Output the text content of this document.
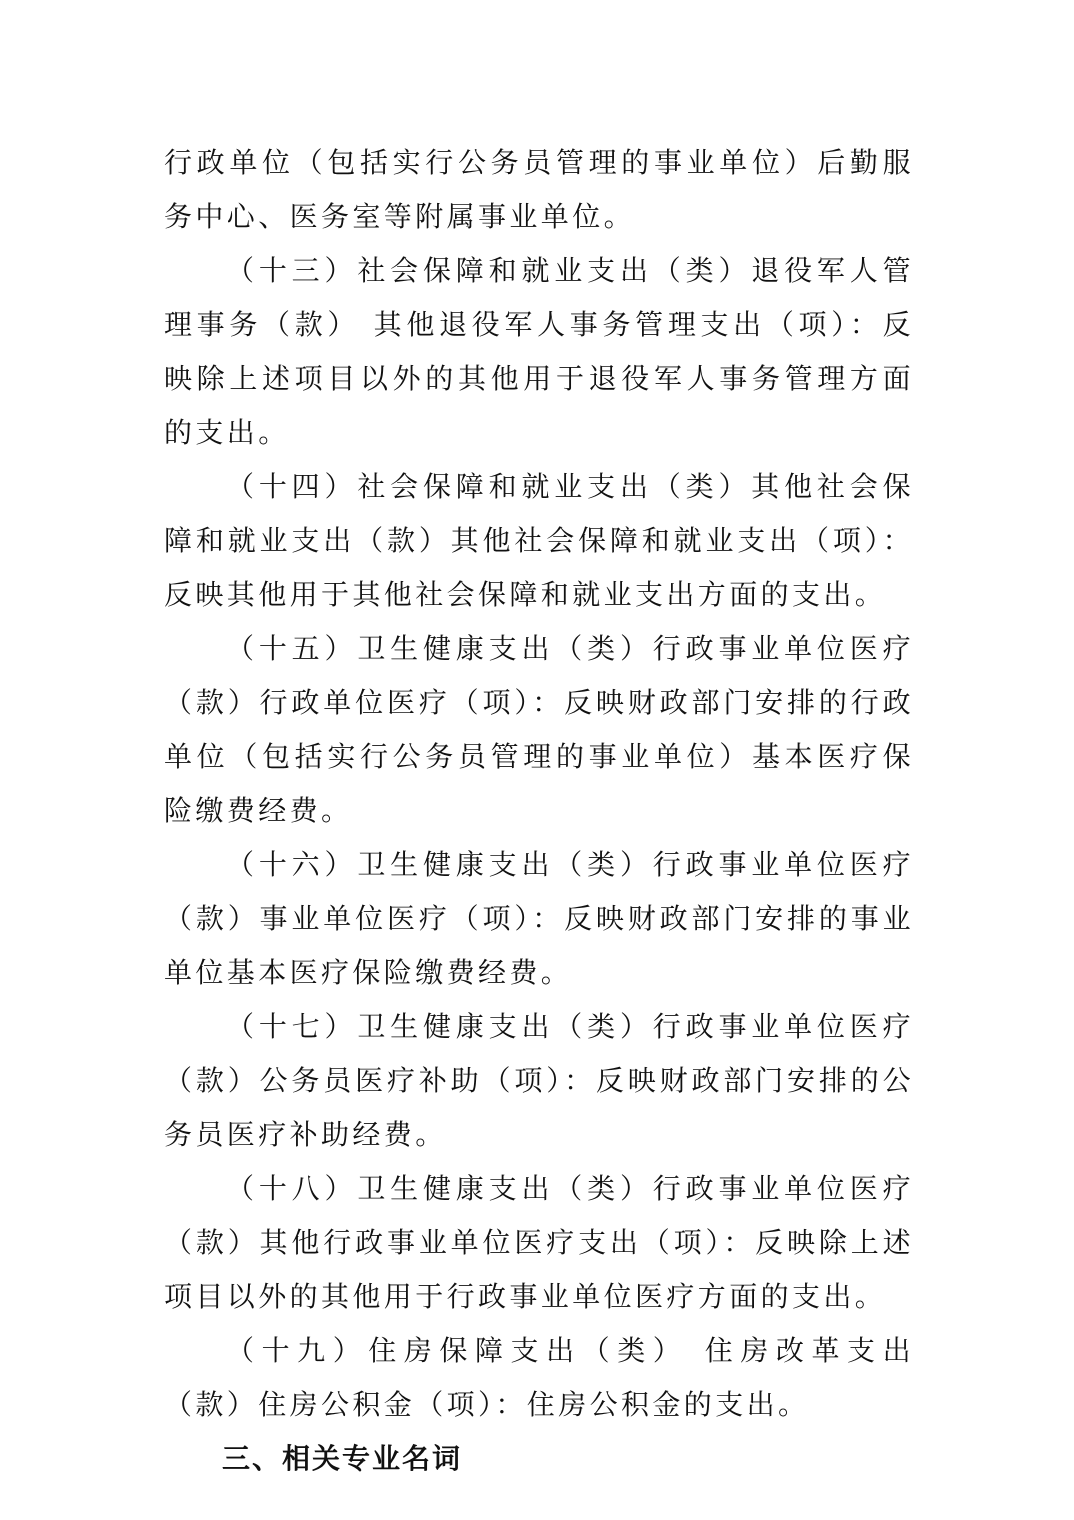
行政单位（包括实行公务员管理的事业单位）后勤服务中心、医务室等附属事业单位。

（十三）社会保障和就业支出（类）退役军人管理事务（款） 其他退役军人事务管理支出（项）：反映除上述项目以外的其他用于退役军人事务管理方面的支出。

（十四）社会保障和就业支出（类）其他社会保障和就业支出（款）其他社会保障和就业支出（项）：反映其他用于其他社会保障和就业支出方面的支出。

（十五）卫生健康支出（类）行政事业单位医疗（款）行政单位医疗（项）：反映财政部门安排的行政单位（包括实行公务员管理的事业单位）基本医疗保险缴费经费。

（十六）卫生健康支出（类）行政事业单位医疗（款）事业单位医疗（项）：反映财政部门安排的事业单位基本医疗保险缴费经费。

（十七）卫生健康支出（类）行政事业单位医疗（款）公务员医疗补助（项）：反映财政部门安排的公务员医疗补助经费。

（十八）卫生健康支出（类）行政事业单位医疗（款）其他行政事业单位医疗支出（项）：反映除上述项目以外的其他用于行政事业单位医疗方面的支出。

（十九）住房保障支出（类） 住房改革支出（款）住房公积金（项）：住房公积金的支出。

三、相关专业名词
